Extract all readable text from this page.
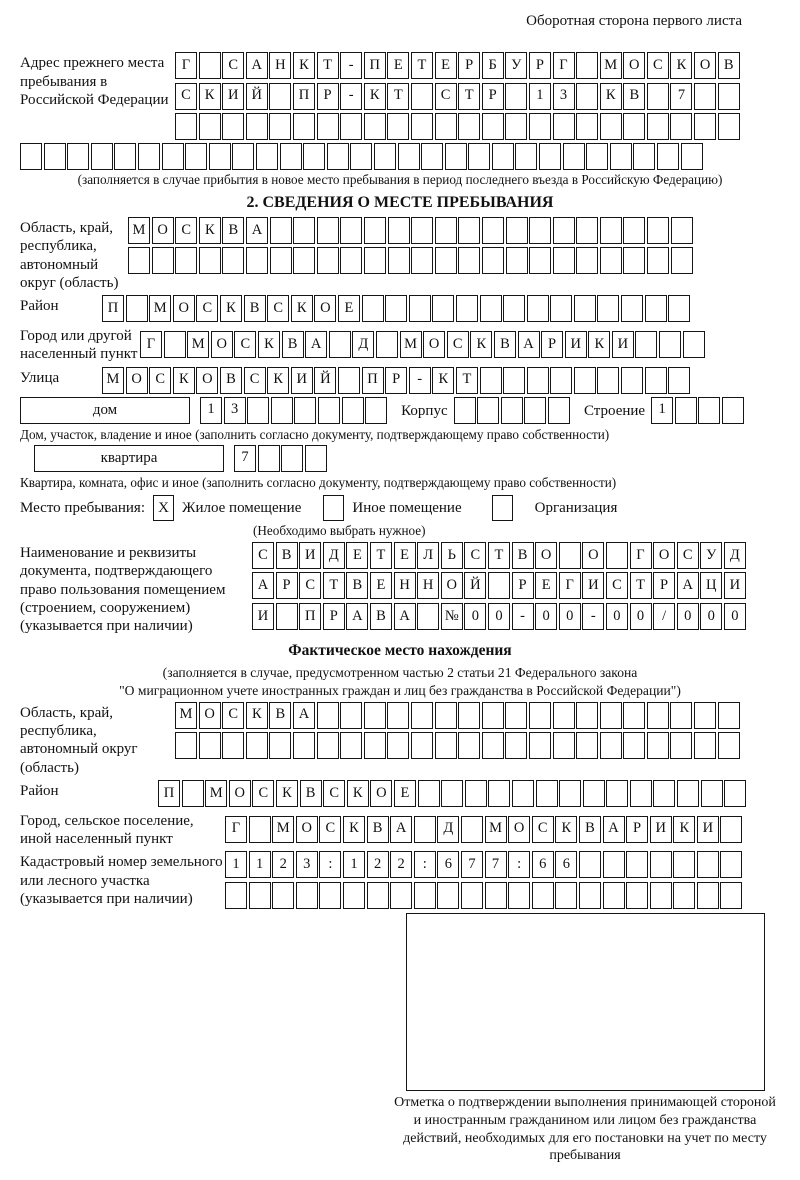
Оборотная сторона первого листа
Адрес прежнего места пребывания в Российской Федерации
Г	С А Н К Т	-	П Е	Т	Е	Р	Б У Р	Г	М О С К О В
С К И Й	П Р	-	К Т	С Т	Р	1	3	К В	7
(заполняется в случае прибытия в новое место пребывания в период последнего въезда в Российскую Федерацию)
2. СВЕДЕНИЯ О МЕСТЕ ПРЕБЫВАНИЯ
Область, край, республика, автономный округ (область)
М О С К В А
Район	П	М О С К В С К О Е
Город или другой населенный пункт
Г	М О С К В А	Д	М О С К В А Р И К И
Улица	М О С К О В С К И Й	П Р	-	К Т
дом	1	3	Корпус	Строение 1
Дом, участок, владение и иное (заполнить согласно документу, подтверждающему право собственности)
квартира	7
Квартира, комната, офис и иное (заполнить согласно документу, подтверждающему право собственности)
Место пребывания: X Жилое помещение	Иное помещение	Организация
(Необходимо выбрать нужное)
Наименование и реквизиты документа, подтверждающего право пользования помещением (строением, сооружением) (указывается при наличии)
С В И Д Е	Т	Е Л	Ь	С Т В О	О	Г О С У Д
А Р	С Т В Е Н Н О Й	Р	Е	Г И С Т	Р А Ц И
И	П Р А В А	№ 0	0	-	0	0	-	0	0	/	0	0	0
Фактическое место нахождения
(заполняется в случае, предусмотренном частью 2 статьи 21 Федерального закона
"О миграционном учете иностранных граждан и лиц без гражданства в Российской Федерации")
Область, край, республика, автономный округ (область)
М О С К В А
Район	П	М О С К В С К О Е
Город, сельское поселение, иной населенный пункт
Г	М О С К В А	Д	М О С К В А Р И К И
Кадастровый номер земельного или лесного участка (указывается при наличии)
1	1	2	3	:	1	2	2	:	6	7	7	:	6	6
Отметка о подтверждении выполнения принимающей стороной и иностранным гражданином или лицом без гражданства действий, необходимых для его постановки на учет по месту пребывания
